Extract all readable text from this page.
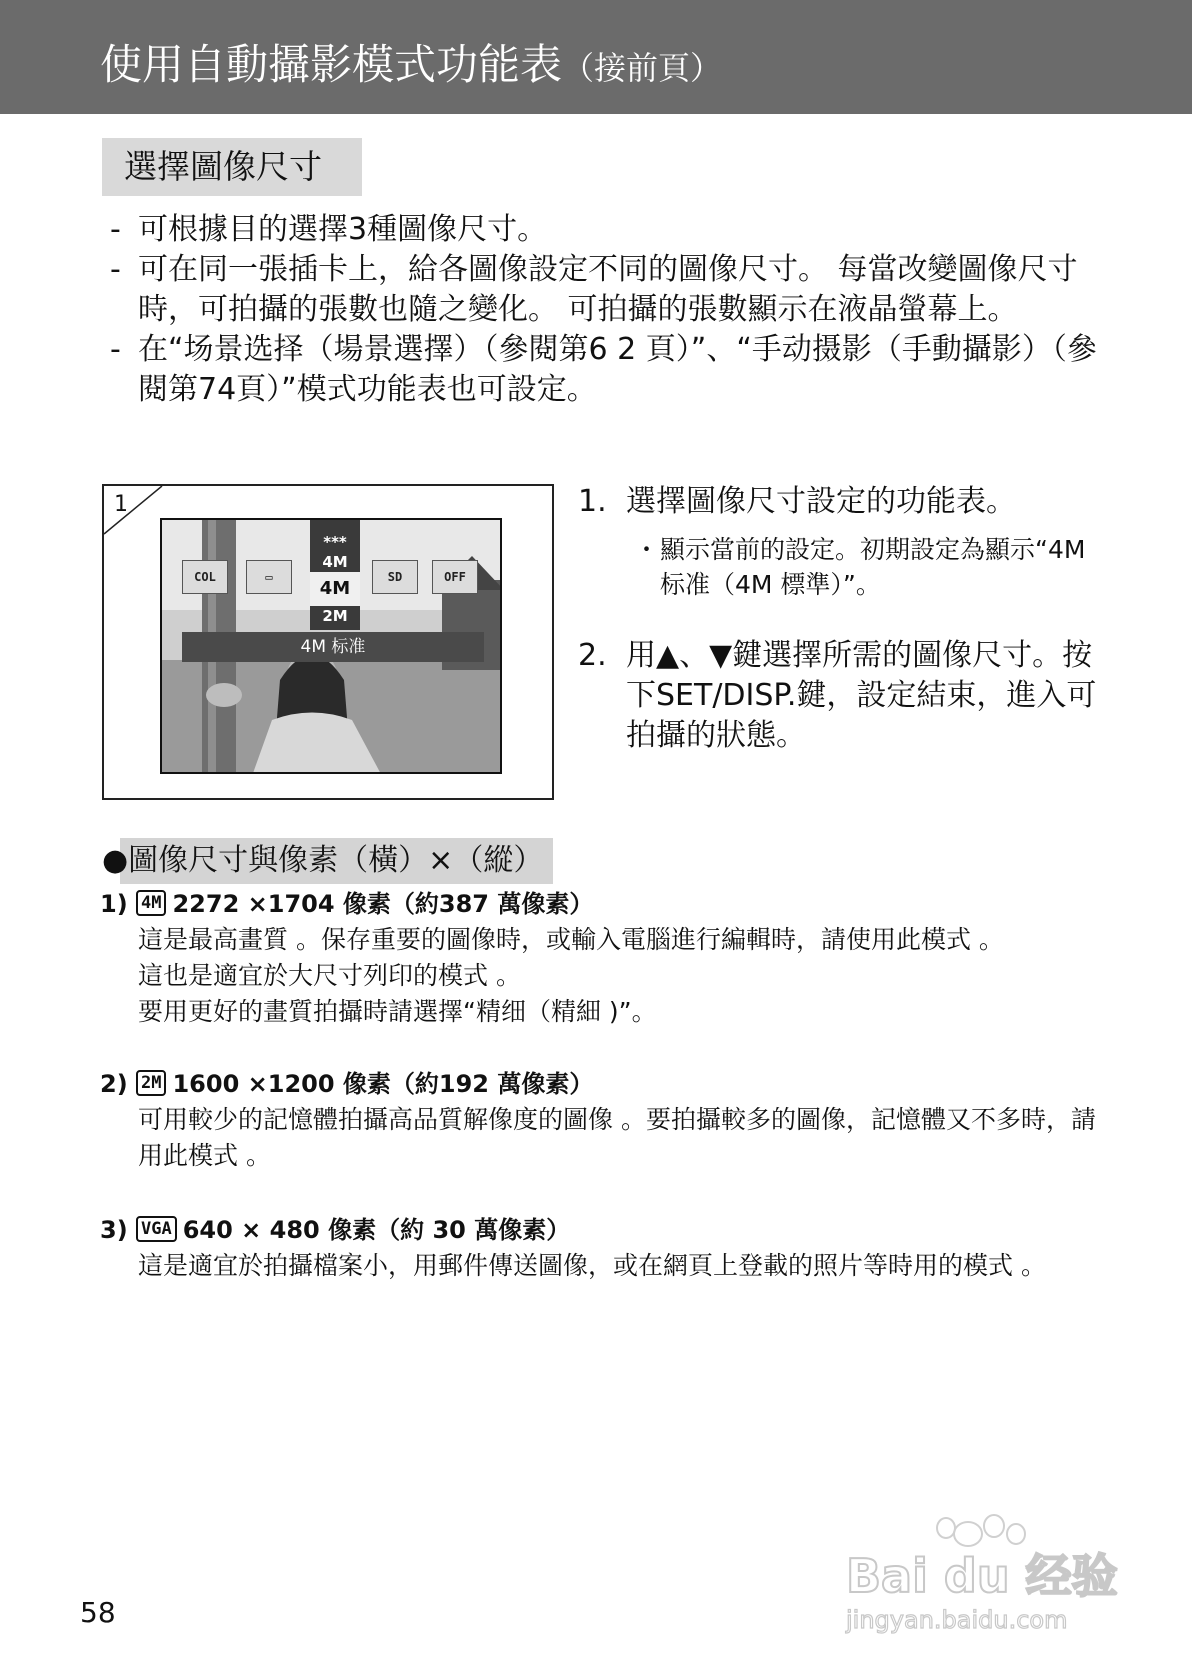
使用自動攝影模式功能表（接前頁）
選擇圖像尺寸
- 可根據目的選擇3種圖像尺寸。
- 可在同一張插卡上，給各圖像設定不同的圖像尺寸。 每當改變圖像尺寸時，可拍攝的張數也隨之變化。 可拍攝的張數顯示在液晶螢幕上。
- 在“场景选择（場景選擇）（參閱第6 2 頁）”、“手动摄影（手動攝影）（參閱第74頁）”模式功能表也可設定。
1
COL	▭	SD	OFF
***
4M
4M
2M
4M 标准
1. 選擇圖像尺寸設定的功能表。
・ 顯示當前的設定。初期設定為顯示“4M标准（4M 標準）”。
2. 用▲、▼鍵選擇所需的圖像尺寸。按下SET/DISP.鍵，設定結束，進入可拍攝的狀態。
●圖像尺寸與像素（橫）×（縱）
1) 4M 2272 ×1704 像素（約387 萬像素）
這是最高畫質 。保存重要的圖像時，或輸入電腦進行編輯時，請使用此模式 。
這也是適宜於大尺寸列印的模式 。
要用更好的畫質拍攝時請選擇“精细（精細 )”。
2) 2M 1600 ×1200 像素（約192 萬像素）
可用較少的記憶體拍攝高品質解像度的圖像 。要拍攝較多的圖像，記憶體又不多時，請用此模式 。
3) VGA 640 × 480 像素（約 30 萬像素）
這是適宜於拍攝檔案小，用郵件傳送圖像，或在網頁上登載的照片等時用的模式 。
58
Bai du 经验
jingyan.baidu.com
